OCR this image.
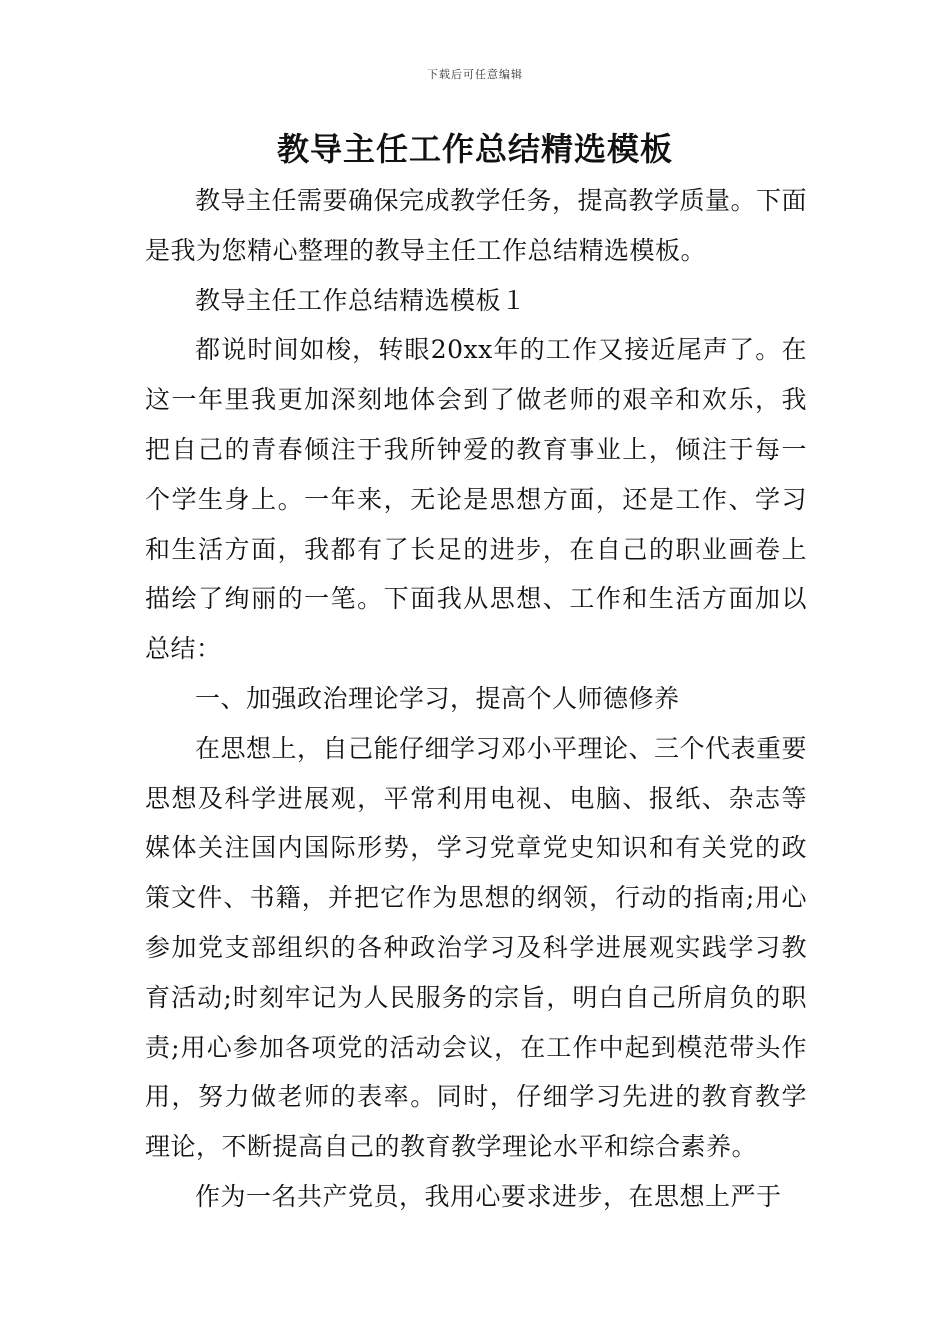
下载后可任意编辑
教导主任工作总结精选模板

教导主任需要确保完成教学任务，提高教学质量。下面是我为您精心整理的教导主任工作总结精选模板。

教导主任工作总结精选模板１

都说时间如梭，转眼20xx年的工作又接近尾声了。在这一年里我更加深刻地体会到了做老师的艰辛和欢乐，我把自己的青春倾注于我所钟爱的教育事业上，倾注于每一个学生身上。一年来，无论是思想方面，还是工作、学习和生活方面，我都有了长足的进步，在自己的职业画卷上描绘了绚丽的一笔。下面我从思想、工作和生活方面加以总结：

一、加强政治理论学习，提高个人师德修养

在思想上，自己能仔细学习邓小平理论、三个代表重要思想及科学进展观，平常利用电视、电脑、报纸、杂志等媒体关注国内国际形势，学习党章党史知识和有关党的政策文件、书籍，并把它作为思想的纲领，行动的指南;用心参加党支部组织的各种政治学习及科学进展观实践学习教育活动;时刻牢记为人民服务的宗旨，明白自己所肩负的职责;用心参加各项党的活动会议，在工作中起到模范带头作用，努力做老师的表率。同时，仔细学习先进的教育教学理论，不断提高自己的教育教学理论水平和综合素养。

作为一名共产党员，我用心要求进步，在思想上严于
